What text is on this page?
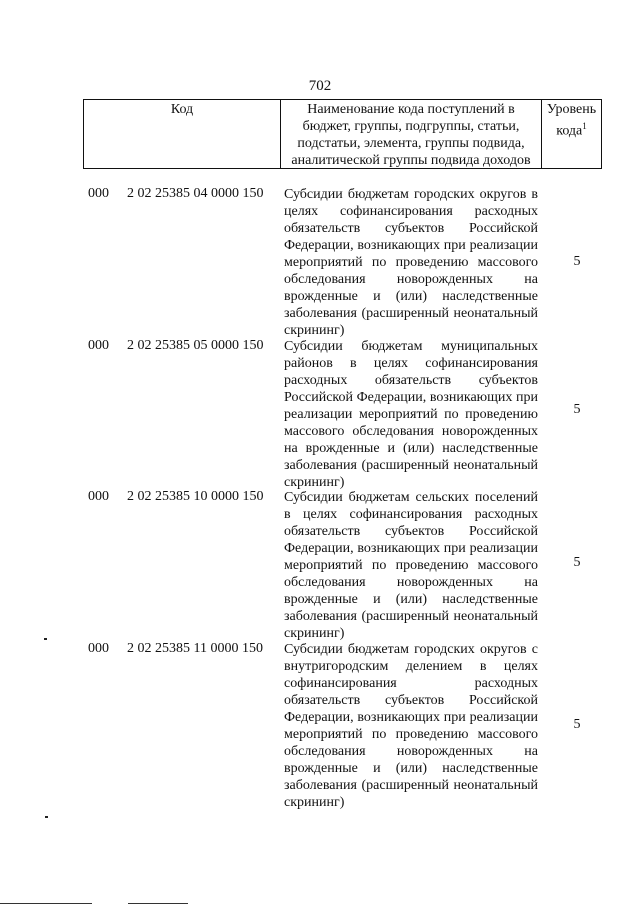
702
Код	Наименование кода поступлений в бюджет, группы, подгруппы, статьи, подстатьи, элемента, группы подвида, аналитической группы подвида доходов
Уровень кода$^1$
000 2 02 25385 04 0000 150 Субсидии бюджетам городских округов в целях софинансирования расходных обязательств субъектов Российской Федерации, возникающих при реализации мероприятий по проведению массового обследования новорожденных на врожденные и (или) наследственные заболевания (расширенный неонатальный скрининг)

5
000 2 02 25385 05 0000 150 Субсидии бюджетам муниципальных районов в целях софинансирования расходных обязательств субъектов Российской Федерации, возникающих при реализации мероприятий по проведению массового обследования новорожденных на врожденные и (или) наследственные заболевания (расширенный неонатальный скрининг)

5
000 2 02 25385 10 0000 150 Субсидии бюджетам сельских поселений в целях софинансирования расходных обязательств субъектов Российской Федерации, возникающих при реализации мероприятий по проведению массового обследования новорожденных на врожденные и (или) наследственные заболевания (расширенный неонатальный скрининг)

5
000 2 02 25385 11 0000 150 Субсидии бюджетам городских округов с внутригородским делением в целях софинансирования расходных обязательств субъектов Российской Федерации, возникающих при реализации мероприятий по проведению массового обследования новорожденных на врожденные и (или) наследственные заболевания (расширенный неонатальный скрининг)

5
